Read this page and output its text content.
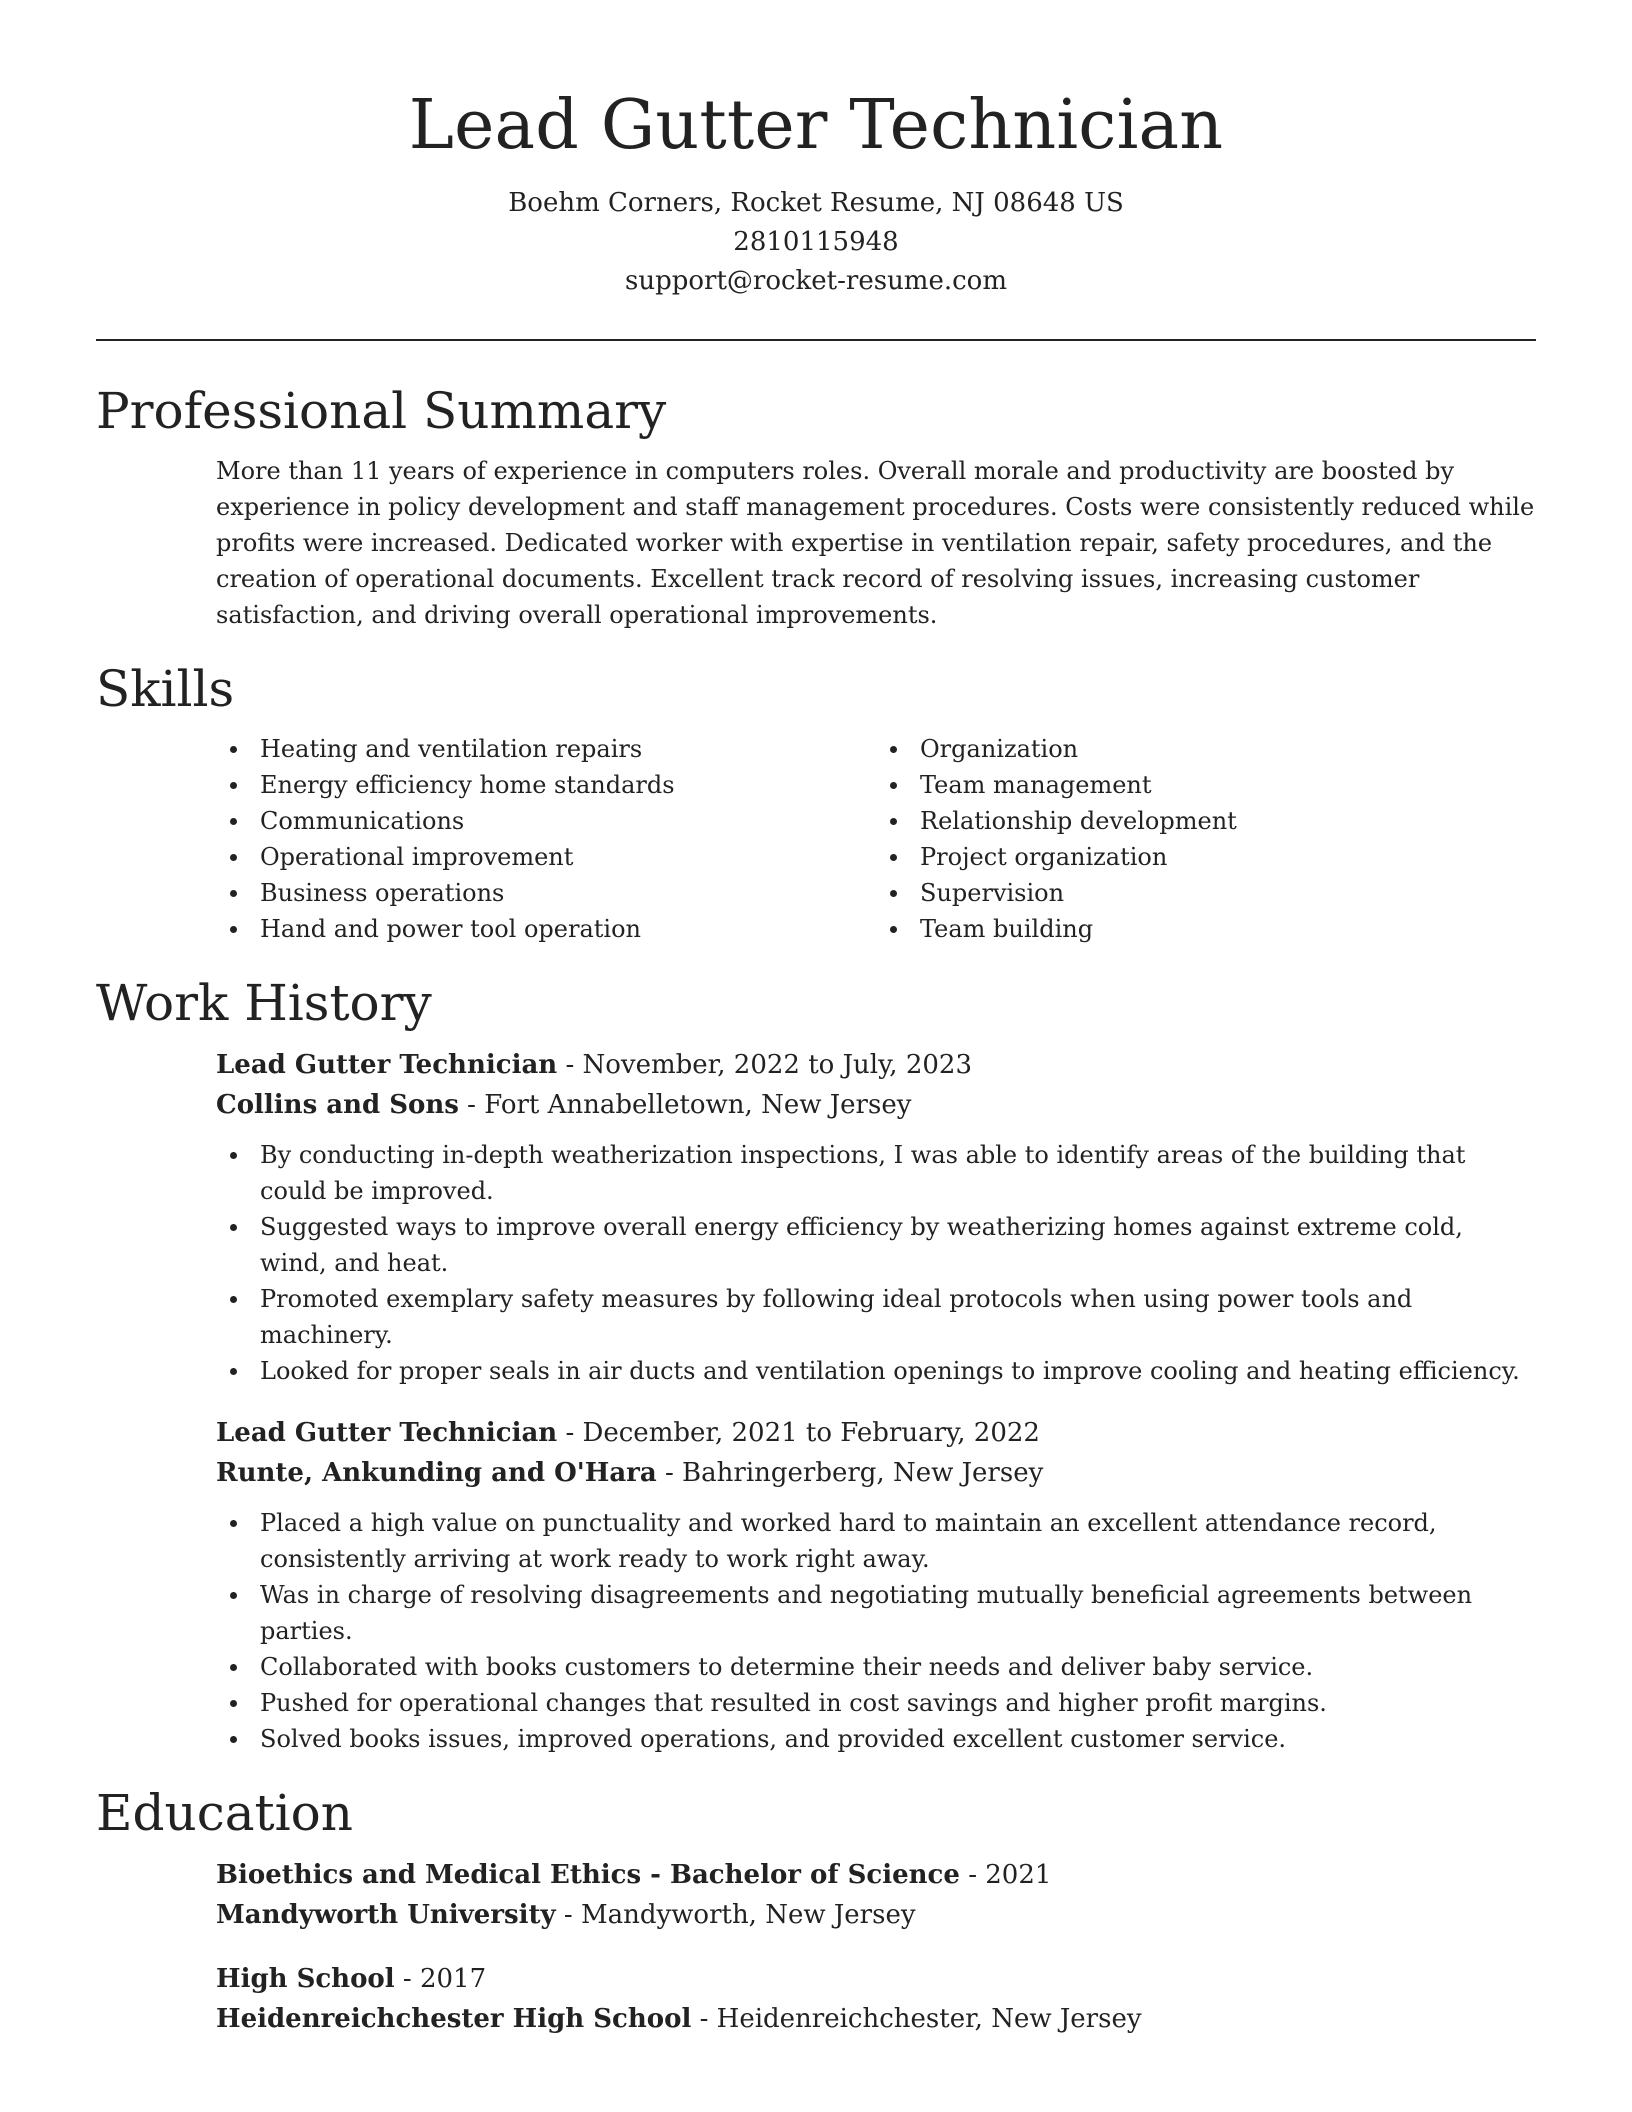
Lead Gutter Technician
Boehm Corners, Rocket Resume, NJ 08648 US
2810115948
support@rocket-resume.com
Professional Summary
More than 11 years of experience in computers roles. Overall morale and productivity are boosted by experience in policy development and staff management procedures. Costs were consistently reduced while profits were increased. Dedicated worker with expertise in ventilation repair, safety procedures, and the creation of operational documents. Excellent track record of resolving issues, increasing customer satisfaction, and driving overall operational improvements.
Skills
Heating and ventilation repairs
Energy efficiency home standards
Communications
Operational improvement
Business operations
Hand and power tool operation
Organization
Team management
Relationship development
Project organization
Supervision
Team building
Work History
Lead Gutter Technician - November, 2022 to July, 2023
Collins and Sons - Fort Annabelletown, New Jersey
By conducting in-depth weatherization inspections, I was able to identify areas of the building that could be improved.
Suggested ways to improve overall energy efficiency by weatherizing homes against extreme cold, wind, and heat.
Promoted exemplary safety measures by following ideal protocols when using power tools and machinery.
Looked for proper seals in air ducts and ventilation openings to improve cooling and heating efficiency.
Lead Gutter Technician - December, 2021 to February, 2022
Runte, Ankunding and O'Hara - Bahringerberg, New Jersey
Placed a high value on punctuality and worked hard to maintain an excellent attendance record, consistently arriving at work ready to work right away.
Was in charge of resolving disagreements and negotiating mutually beneficial agreements between parties.
Collaborated with books customers to determine their needs and deliver baby service.
Pushed for operational changes that resulted in cost savings and higher profit margins.
Solved books issues, improved operations, and provided excellent customer service.
Education
Bioethics and Medical Ethics - Bachelor of Science - 2021
Mandyworth University - Mandyworth, New Jersey
High School - 2017
Heidenreichchester High School - Heidenreichchester, New Jersey
